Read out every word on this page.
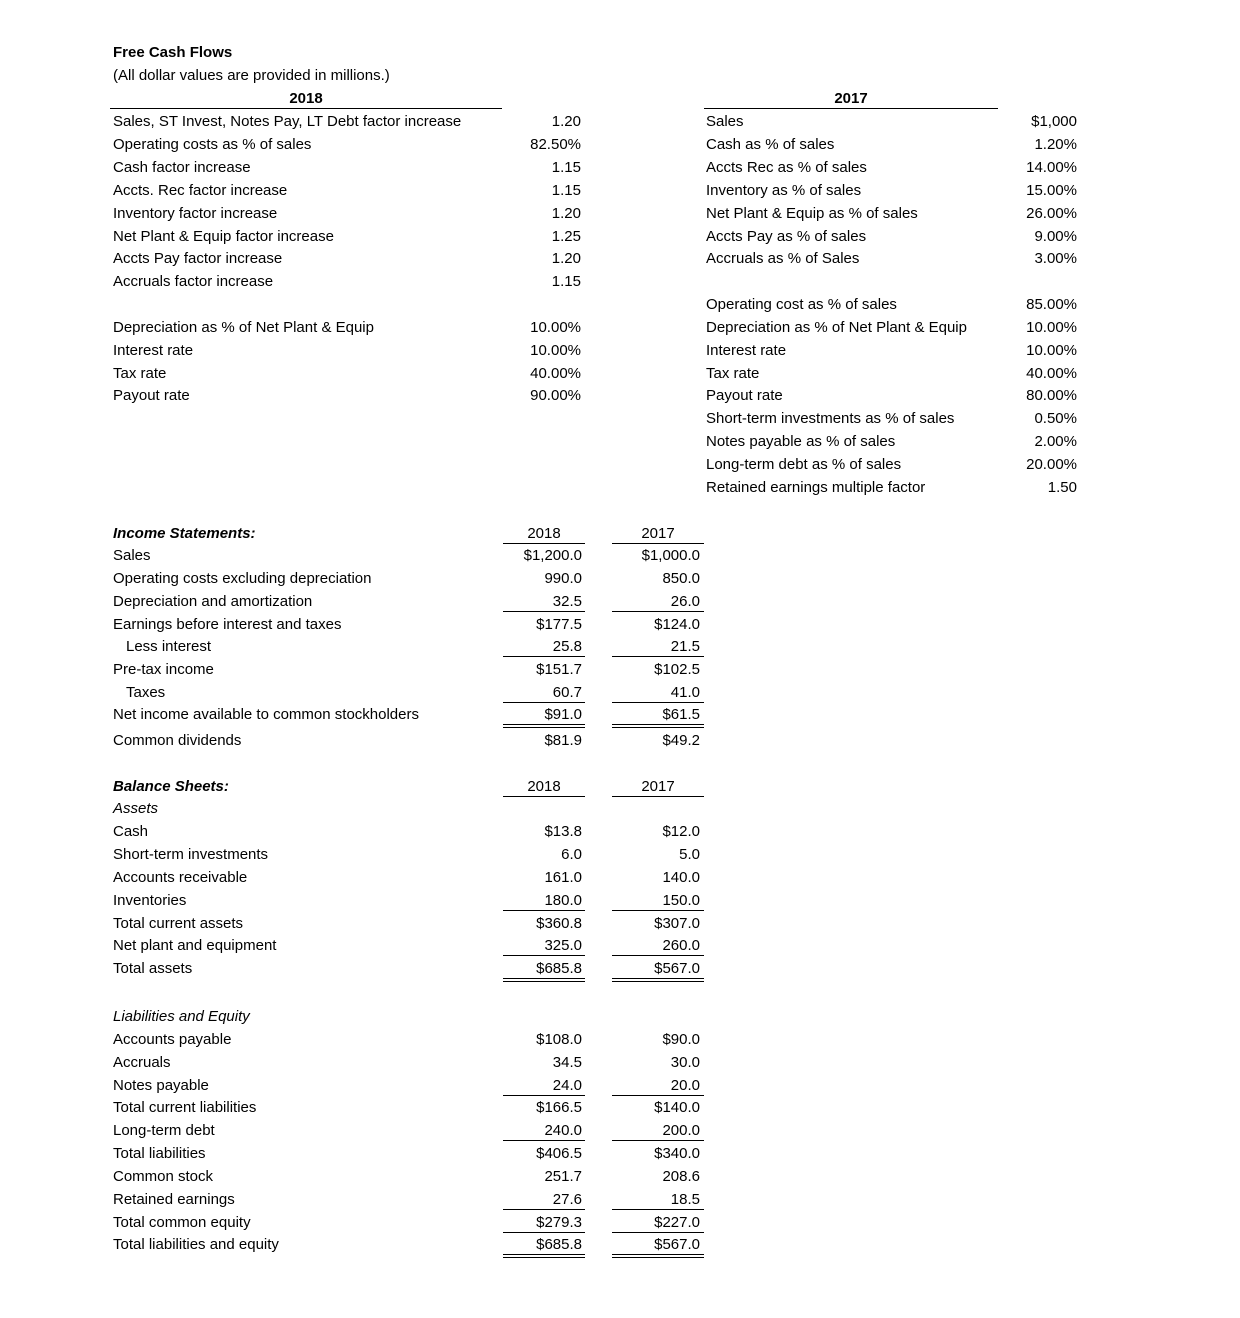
Free Cash Flows
(All dollar values are provided in millions.)
2018
Sales, ST Invest, Notes Pay, LT Debt factor increase	1.20
Operating costs as % of sales	82.50%
Cash factor increase	1.15
Accts. Rec factor increase	1.15
Inventory factor increase	1.20
Net Plant & Equip factor increase	1.25
Accts Pay factor increase	1.20
Accruals factor increase	1.15
Depreciation as % of Net Plant & Equip	10.00%
Interest rate	10.00%
Tax rate	40.00%
Payout rate	90.00%
2017
Sales	$1,000
Cash as % of sales	1.20%
Accts Rec as % of sales	14.00%
Inventory as % of sales	15.00%
Net Plant & Equip as % of sales	26.00%
Accts Pay as % of sales	9.00%
Accruals as % of Sales	3.00%
Operating cost as % of sales	85.00%
Depreciation as % of Net Plant & Equip	10.00%
Interest rate	10.00%
Tax rate	40.00%
Payout rate	80.00%
Short-term investments as % of sales	0.50%
Notes payable as % of sales	2.00%
Long-term debt as % of sales	20.00%
Retained earnings multiple factor	1.50
Income Statements:	2018	2017
Sales	$1,200.0	$1,000.0
Operating costs excluding depreciation	990.0	850.0
Depreciation and amortization	32.5	26.0
Earnings before interest and taxes	$177.5	$124.0
Less interest	25.8	21.5
Pre-tax income	$151.7	$102.5
Taxes	60.7	41.0
Net income available to common stockholders	$91.0	$61.5
Common dividends	$81.9	$49.2
Balance Sheets:	2018	2017
Assets
Cash	$13.8	$12.0
Short-term investments	6.0	5.0
Accounts receivable	161.0	140.0
Inventories	180.0	150.0
Total current assets	$360.8	$307.0
Net plant and equipment	325.0	260.0
Total assets	$685.8	$567.0
Liabilities and Equity
Accounts payable	$108.0	$90.0
Accruals	34.5	30.0
Notes payable	24.0	20.0
Total current liabilities	$166.5	$140.0
Long-term debt	240.0	200.0
Total liabilities	$406.5	$340.0
Common stock	251.7	208.6
Retained earnings	27.6	18.5
Total common equity	$279.3	$227.0
Total liabilities and equity	$685.8	$567.0
